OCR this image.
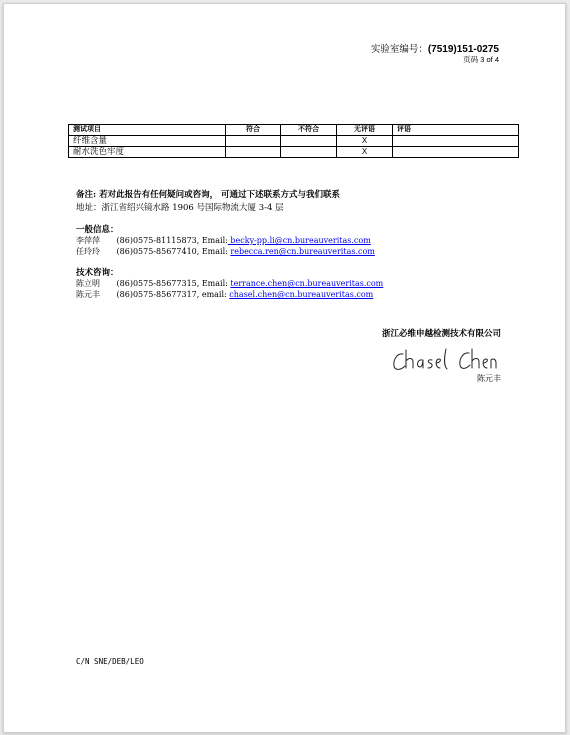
实验室编号：(7519)151-0275
页码 3 of 4
测试项目	符合	不符合	无评语	评语
纤维含量			X	
耐水洗色牢度			X	
备注: 若对此报告有任何疑问或咨询， 可通过下述联系方式与我们联系
地址：浙江省绍兴镜水路 1906 号国际物流大厦 3-4 层
一般信息：
李萍萍 (86)0575-81115873, Email: becky-pp.li@cn.bureauveritas.com
任玲玲 (86)0575-85677410, Email: rebecca.ren@cn.bureauveritas.com
技术咨询：
陈立明 (86)0575-85677315, Email: terrance.chen@cn.bureauveritas.com
陈元丰 (86)0575-85677317, email: chasel.chen@cn.bureauveritas.com
浙江必维申越检测技术有限公司
陈元丰
C/N SNE/DEB/LEO
